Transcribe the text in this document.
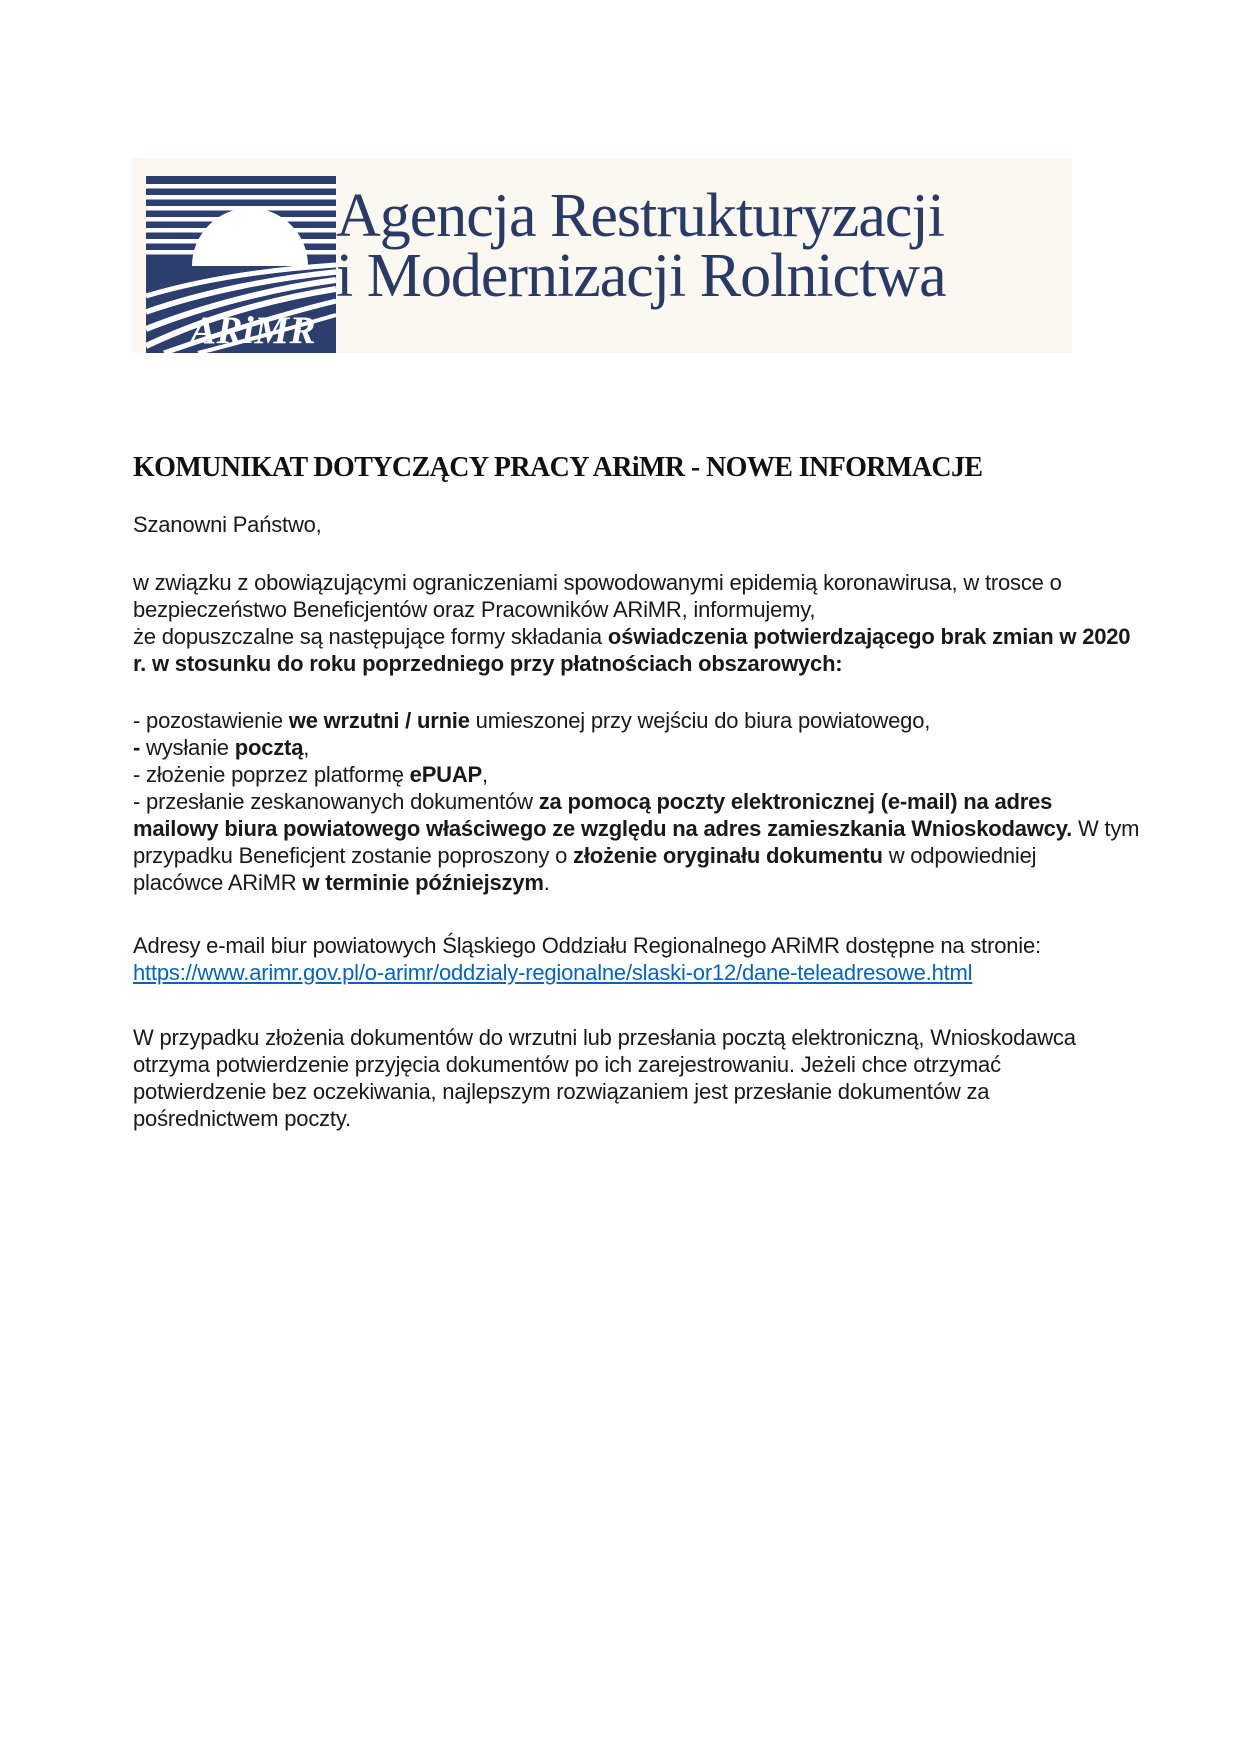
ARiMR
Agencja Restrukturyzacji
i Modernizacji Rolnictwa
KOMUNIKAT DOTYCZĄCY PRACY ARiMR - NOWE INFORMACJE
Szanowni Państwo,
w związku z obowiązującymi ograniczeniami spowodowanymi epidemią koronawirusa, w trosce o
bezpieczeństwo Beneficjentów oraz Pracowników ARiMR, informujemy,
że dopuszczalne są następujące formy składania oświadczenia potwierdzającego brak zmian w 2020
r. w stosunku do roku poprzedniego przy płatnościach obszarowych:
- pozostawienie we wrzutni / urnie umieszonej przy wejściu do biura powiatowego,
- wysłanie pocztą,
- złożenie poprzez platformę ePUAP,
- przesłanie zeskanowanych dokumentów za pomocą poczty elektronicznej (e-mail) na adres
mailowy biura powiatowego właściwego ze względu na adres zamieszkania Wnioskodawcy. W tym
przypadku Beneficjent zostanie poproszony o złożenie oryginału dokumentu w odpowiedniej
placówce ARiMR w terminie późniejszym.
Adresy e-mail biur powiatowych Śląskiego Oddziału Regionalnego ARiMR dostępne na stronie:
https://www.arimr.gov.pl/o-arimr/oddzialy-regionalne/slaski-or12/dane-teleadresowe.html
W przypadku złożenia dokumentów do wrzutni lub przesłania pocztą elektroniczną, Wnioskodawca
otrzyma potwierdzenie przyjęcia dokumentów po ich zarejestrowaniu. Jeżeli chce otrzymać
potwierdzenie bez oczekiwania, najlepszym rozwiązaniem jest przesłanie dokumentów za
pośrednictwem poczty.
